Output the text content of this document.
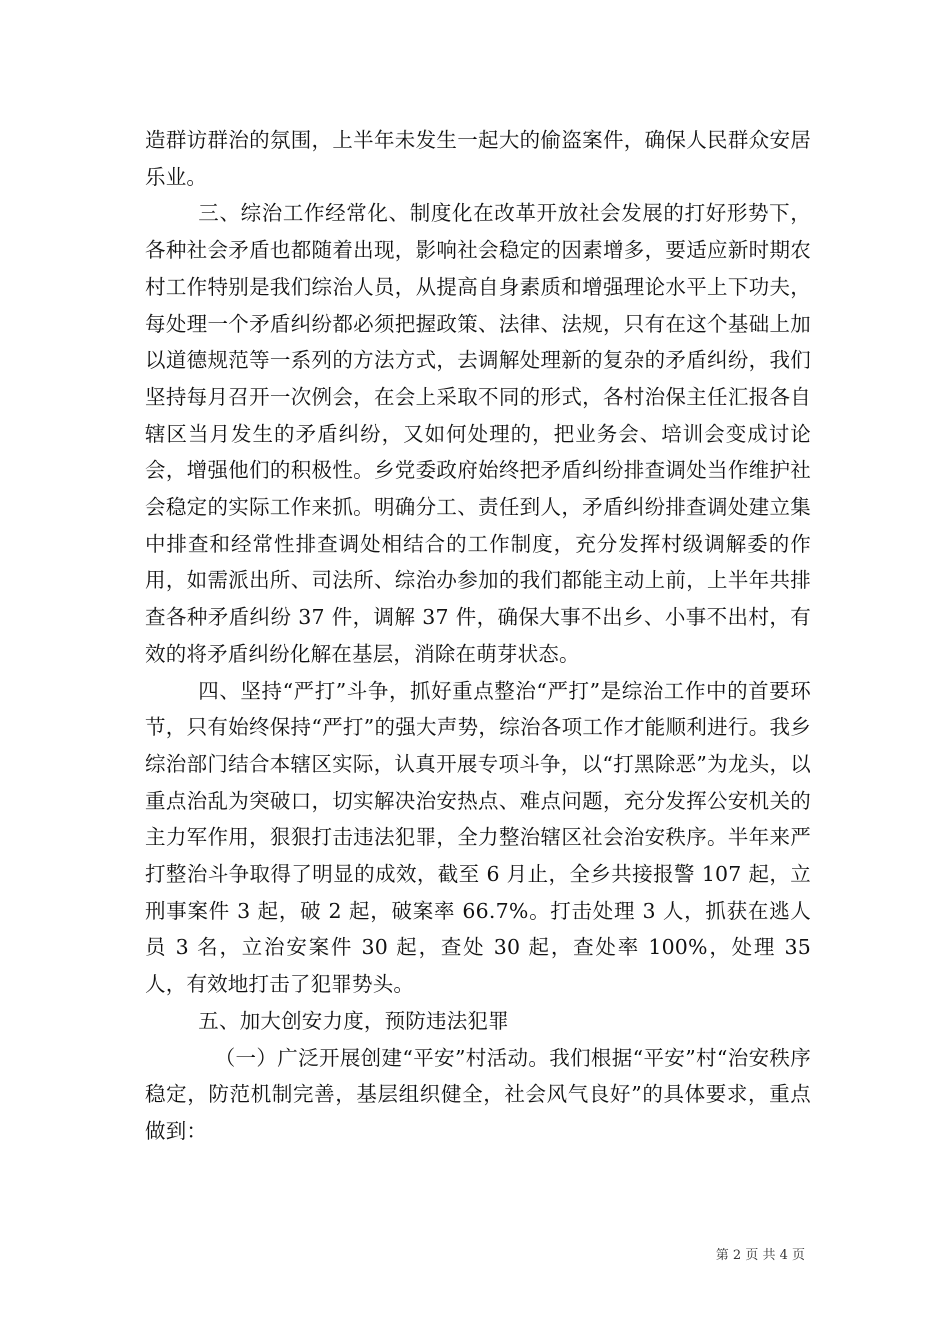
造群访群治的氛围，上半年未发生一起大的偷盗案件，确保人民群众安居乐业。

三、综治工作经常化、制度化在改革开放社会发展的打好形势下，各种社会矛盾也都随着出现，影响社会稳定的因素增多，要适应新时期农村工作特别是我们综治人员，从提高自身素质和增强理论水平上下功夫，每处理一个矛盾纠纷都必须把握政策、法律、法规，只有在这个基础上加以道德规范等一系列的方法方式，去调解处理新的复杂的矛盾纠纷，我们坚持每月召开一次例会，在会上采取不同的形式，各村治保主任汇报各自辖区当月发生的矛盾纠纷，又如何处理的，把业务会、培训会变成讨论会，增强他们的积极性。乡党委政府始终把矛盾纠纷排查调处当作维护社会稳定的实际工作来抓。明确分工、责任到人，矛盾纠纷排查调处建立集中排查和经常性排查调处相结合的工作制度，充分发挥村级调解委的作用，如需派出所、司法所、综治办参加的我们都能主动上前，上半年共排查各种矛盾纠纷 37 件，调解 37 件，确保大事不出乡、小事不出村，有效的将矛盾纠纷化解在基层，消除在萌芽状态。

四、坚持“严打”斗争，抓好重点整治“严打”是综治工作中的首要环节，只有始终保持“严打”的强大声势，综治各项工作才能顺利进行。我乡综治部门结合本辖区实际，认真开展专项斗争，以“打黑除恶”为龙头，以重点治乱为突破口，切实解决治安热点、难点问题，充分发挥公安机关的主力军作用，狠狠打击违法犯罪，全力整治辖区社会治安秩序。半年来严打整治斗争取得了明显的成效，截至 6 月止，全乡共接报警 107 起，立刑事案件 3 起，破 2 起，破案率 66.7%。打击处理 3 人，抓获在逃人员 3 名，立治安案件 30 起，查处 30 起，查处率 100%，处理 35 人，有效地打击了犯罪势头。

五、加大创安力度，预防违法犯罪

（一）广泛开展创建“平安”村活动。我们根据“平安”村“治安秩序稳定，防范机制完善，基层组织健全，社会风气良好”的具体要求，重点做到：

第 2 页 共 4 页
